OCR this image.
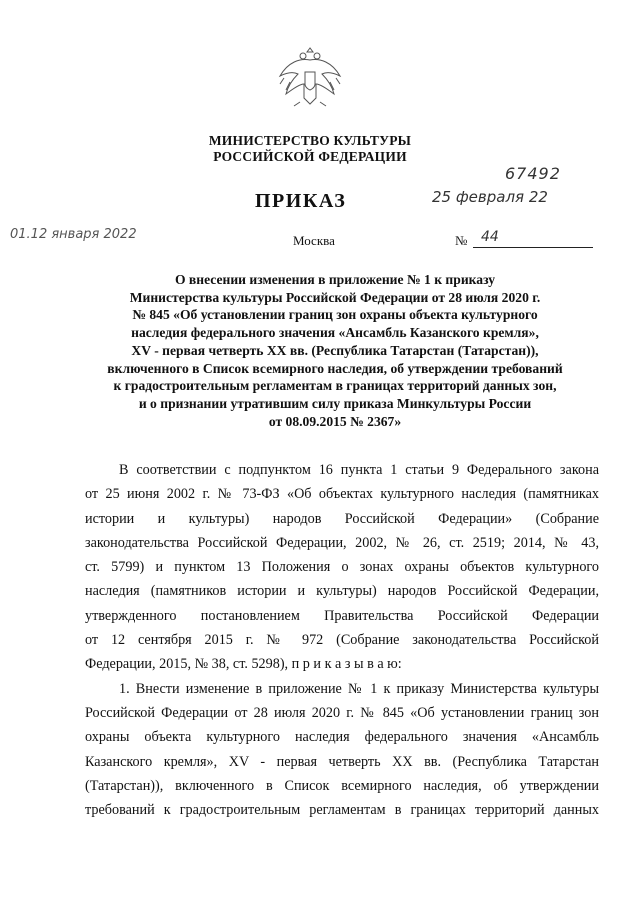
МИНИСТЕРСТВО КУЛЬТУРЫ
РОССИЙСКОЙ ФЕДЕРАЦИИ
67492
25 февраля 22
01.12 января 2022
ПРИКАЗ
Москва	№ 44
О внесении изменения в приложение № 1 к приказу
Министерства культуры Российской Федерации от 28 июля 2020 г.
№ 845 «Об установлении границ зон охраны объекта культурного
наследия федерального значения «Ансамбль Казанского кремля»,
XV - первая четверть XX вв. (Республика Татарстан (Татарстан)),
включенного в Список всемирного наследия, об утверждении требований
к градостроительным регламентам в границах территорий данных зон,
и о признании утратившим силу приказа Минкультуры России
от 08.09.2015 № 2367»
В соответствии с подпунктом 16 пункта 1 статьи 9 Федерального закона
от 25 июня 2002 г. № 73-ФЗ «Об объектах культурного наследия (памятниках
истории и культуры) народов Российской Федерации» (Собрание
законодательства Российской Федерации, 2002, № 26, ст. 2519; 2014, № 43,
ст. 5799) и пунктом 13 Положения о зонах охраны объектов культурного
наследия (памятников истории и культуры) народов Российской Федерации,
утвержденного постановлением Правительства Российской Федерации
от 12 сентября 2015 г. № 972 (Собрание законодательства Российской
Федерации, 2015, № 38, ст. 5298), п р и к а з ы в а ю:
1. Внести изменение в приложение № 1 к приказу Министерства культуры
Российской Федерации от 28 июля 2020 г. № 845 «Об установлении границ зон
охраны объекта культурного наследия федерального значения «Ансамбль
Казанского кремля», XV - первая четверть XX вв. (Республика Татарстан
(Татарстан)), включенного в Список всемирного наследия, об утверждении
требований к градостроительным регламентам в границах территорий данных
